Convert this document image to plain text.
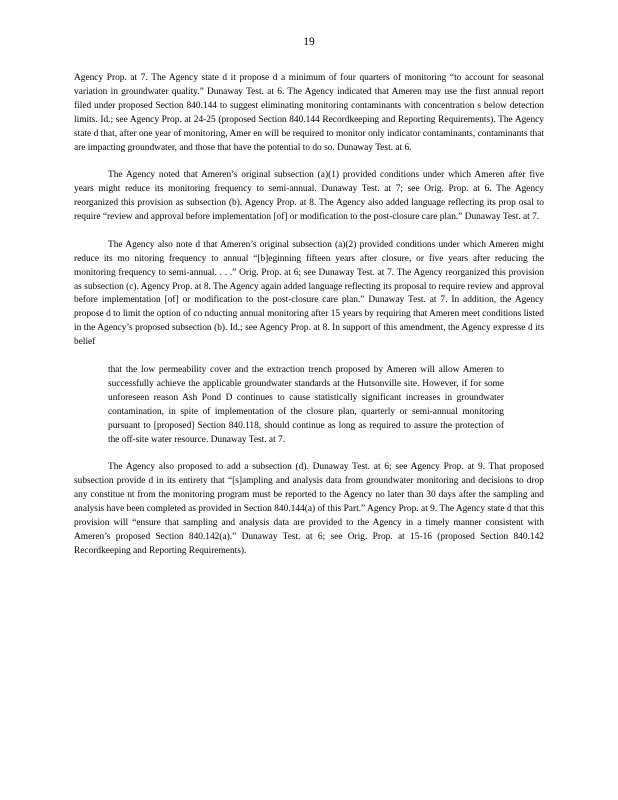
19

Agency Prop. at 7. The Agency state d it propose d a minimum of four quarters of monitoring “to account for seasonal variation in groundwater quality.” Dunaway Test. at 6. The Agency indicated that Ameren may use the first annual report filed under proposed Section 840.144 to suggest eliminating monitoring contaminants with concentration s below detection limits. Id.; see Agency Prop. at 24-25 (proposed Section 840.144 Recordkeeping and Reporting Requirements). The Agency state d that, after one year of monitoring, Amer en will be required to monitor only indicator contaminants, contaminants that are impacting groundwater, and those that have the potential to do so. Dunaway Test. at 6.

The Agency noted that Ameren’s original subsection (a)(1) provided conditions under which Ameren after five years might reduce its monitoring frequency to semi-annual. Dunaway Test. at 7; see Orig. Prop. at 6. The Agency reorganized this provision as subsection (b). Agency Prop. at 8. The Agency also added language reflecting its prop osal to require “review and approval before implementation [of] or modification to the post-closure care plan.” Dunaway Test. at 7.

The Agency also note d that Ameren’s original subsection (a)(2) provided conditions under which Ameren might reduce its mo nitoring frequency to annual “[b]eginning fifteen years after closure, or five years after reducing the monitoring frequency to semi-annual. . . .” Orig. Prop. at 6; see Dunaway Test. at 7. The Agency reorganized this provision as subsection (c). Agency Prop. at 8. The Agency again added language reflecting its proposal to require review and approval before implementation [of] or modification to the post-closure care plan.” Dunaway Test. at 7. In addition, the Agency propose d to limit the option of co nducting annual monitoring after 15 years by requiring that Ameren meet conditions listed in the Agency’s proposed subsection (b). Id.; see Agency Prop. at 8. In support of this amendment, the Agency expresse d its belief

that the low permeability cover and the extraction trench proposed by Ameren will allow Ameren to successfully achieve the applicable groundwater standards at the Hutsonville site. However, if for some unforeseen reason Ash Pond D continues to cause statistically significant increases in groundwater contamination, in spite of implementation of the closure plan, quarterly or semi-annual monitoring pursuant to [proposed] Section 840.118, should continue as long as required to assure the protection of the off-site water resource. Dunaway Test. at 7.

The Agency also proposed to add a subsection (d). Dunaway Test. at 6; see Agency Prop. at 9. That proposed subsection provide d in its entirety that “[s]ampling and analysis data from groundwater monitoring and decisions to drop any constitue nt from the monitoring program must be reported to the Agency no later than 30 days after the sampling and analysis have been completed as provided in Section 840.144(a) of this Part.” Agency Prop. at 9. The Agency state d that this provision will “ensure that sampling and analysis data are provided to the Agency in a timely manner consistent with Ameren’s proposed Section 840.142(a).” Dunaway Test. at 6; see Orig. Prop. at 15-16 (proposed Section 840.142 Recordkeeping and Reporting Requirements).
